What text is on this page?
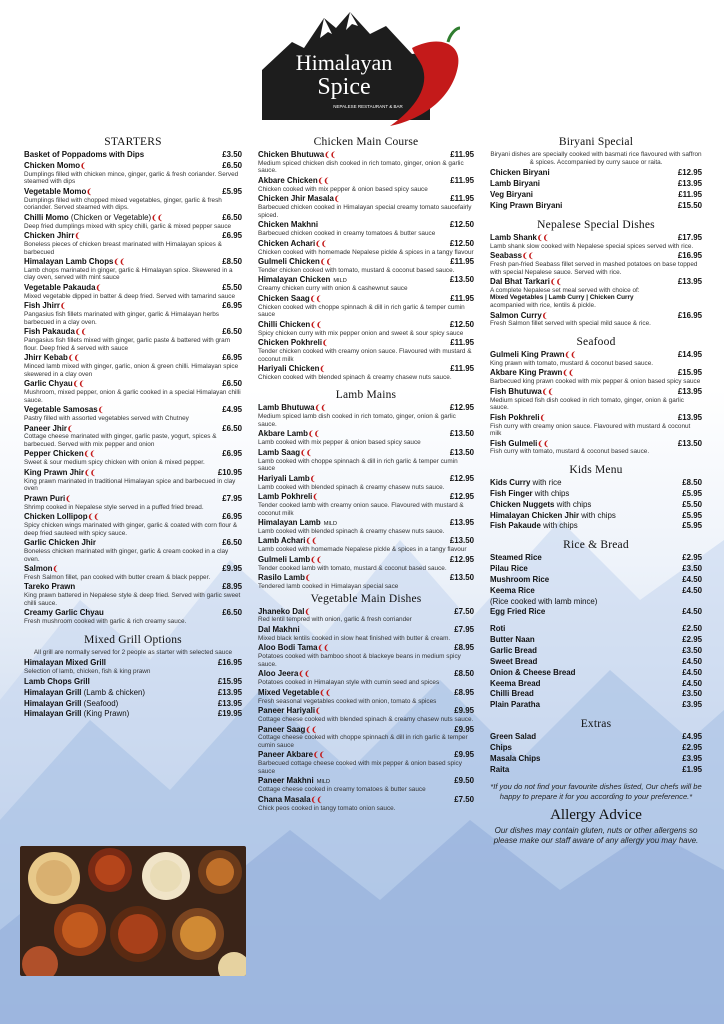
Himalayan
Spice
NEPALESE RESTAURANT & BAR
STARTERS
Basket of Poppadoms with Dips	£3.50
Chicken Momo❨	£6.50
Dumplings filled with chicken mince, ginger, garlic & fresh coriander. Served steamed with dips
Vegetable Momo❨	£5.95
Dumplings filled with chopped mixed vegetables, ginger, garlic & fresh coriander. Served steamed with dips.
Chilli Momo (Chicken or Vegetable)❨❨	£6.50
Deep fried dumplings mixed with spicy chilli, garlic & mixed pepper sauce
Chicken Jhirr❨	£6.95
Boneless pieces of chicken breast marinated with Himalayan spices & barbecued
Himalayan Lamb Chops❨❨	£8.50
Lamb chops marinated in ginger, garlic & Himalayan spice. Skewered in a clay oven, served with mint sauce
Vegetable Pakauda❨	£5.50
Mixed vegetable dipped in batter & deep fried. Served with tamarind sauce
Fish Jhirr❨	£6.95
Pangasius fish fillets marinated with ginger, garlic & Himalayan herbs barbecued in a clay oven.
Fish Pakauda❨❨	£6.50
Pangasius fish fillets mixed with ginger, garlic paste & battered with gram flour. Deep fried & served with sauce
Jhirr Kebab❨❨	£6.95
Minced lamb mixed with ginger, garlic, onion & green chilli. Himalayan spice skewered in a clay oven
Garlic Chyau❨❨	£6.50
Mushroom, mixed pepper, onion & garlic cooked in a special Himalayan chilli sauce.
Vegetable Samosas❨	£4.95
Pastry filled with assorted vegetables served with Chutney
Paneer Jhir❨	£6.50
Cottage cheese marinated with ginger, garlic paste, yogurt, spices & barbecued. Served with mix pepper and onion
Pepper Chicken❨❨	£6.95
Sweet & sour medium spicy chicken with onion & mixed pepper.
King Prawn Jhir❨❨	£10.95
King prawn marinated in traditional Himalayan spice and barbecued in clay oven
Prawn Puri❨	£7.95
Shrimp cooked in Nepalese style served in a puffed fried bread.
Chicken Lollipop❨❨	£6.95
Spicy chicken wings marinated with ginger, garlic & coated with corn flour & deep fried sauteed with spicy sauce.
Garlic Chicken Jhir	£6.50
Boneless chicken marinated with ginger, garlic & cream cooked in a clay oven.
Salmon❨	£9.95
Fresh Salmon fillet, pan cooked with butter cream & black pepper.
Tareko Prawn	£8.95
King prawn battered in Nepalese style & deep fried. Served with garlic sweet chilli sauce.
Creamy Garlic Chyau	£6.50
Fresh mushroom cooked with garlic & rich creamy sauce.
Mixed Grill Options
All grill are normally served for 2 people as starter with selected sauce
Himalayan Mixed Grill	£16.95
Selection of lamb, chicken, fish & king prawn
Lamb Chops Grill	£15.95
Himalayan Grill (Lamb & chicken)	£13.95
Himalayan Grill (Seafood)	£13.95
Himalayan Grill (King Prawn)	£19.95
Chicken Main Course
Chicken Bhutuwa❨❨	£11.95
Medium spiced chicken dish cooked in rich tomato, ginger, onion & garlic sauce.
Akbare Chicken❨❨	£11.95
Chicken cooked with mix pepper & onion based spicy sauce
Chicken Jhir Masala❨	£11.95
Barbecued chicken cooked in Himalayan special creamy tomato saucefairly spiced.
Chicken Makhni	£12.50
Barbecued chicken cooked in creamy tomatoes & butter sauce
Chicken Achari❨❨	£12.50
Chicken cooked with homemade Nepalese pickle & spices in a tangy flavour
Gulmeli Chicken❨❨	£11.95
Tender chicken cooked with tomato, mustard & coconut based sauce.
Himalayan Chicken MILD	£13.50
Creamy chicken curry with onion & cashewnut sauce
Chicken Saag❨❨	£11.95
Chicken cooked with choppe spinnach & dill in rich garlic & temper cumin sauce
Chilli Chicken❨❨	£12.50
Spicy chicken curry with mix pepper onion and sweet & sour spicy sauce
Chicken Pokhreli❨	£11.95
Tender chicken cooked with creamy onion sauce. Flavoured with mustard & coconut milk
Hariyali Chicken❨	£11.95
Chicken cooked with blended spinach & creamy chasew nuts sauce.
Lamb Mains
Lamb Bhutuwa❨❨	£12.95
Medium spiced lamb dish cooked in rich tomato, ginger, onion & garlic sauce.
Akbare Lamb❨❨	£13.50
Lamb cooked with mix pepper & onion based spicy sauce
Lamb Saag❨❨	£13.50
Lamb cooked with choppe spinnach & dill in rich garlic & temper cumin sauce
Hariyali Lamb❨	£12.95
Lamb cooked with blended spinach & creamy chasew nuts sauce.
Lamb Pokhreli❨	£12.95
Tender cooked lamb with creamy onion sauce. Flavoured with mustard & coconut milk
Himalayan Lamb MILD	£13.95
Lamb cooked with blended spinach & creamy chasew nuts sauce.
Lamb Achari❨❨	£13.50
Lamb cooked with homemade Nepalese pickle & spices in a tangy flavour
Gulmeli Lamb❨❨	£12.95
Tender cooked lamb with tomato, mustard & coconut based sauce.
Rasilo Lamb❨	£13.50
Tendered lamb cooked in Himalayan special sace
Vegetable Main Dishes
Jhaneko Dal❨	£7.50
Red lentil tempred with onion, garlic & fresh corriander
Dal Makhni	£7.95
Mixed black lentils cooked in slow heat finished with butter & cream.
Aloo Bodi Tama❨❨	£8.95
Potatoes cooked with bamboo shoot & blackeye beans in medium spicy sauce.
Aloo Jeera❨❨	£8.50
Potatoes cooked in Himalayan style with cumin seed and spices
Mixed Vegetable❨❨	£8.95
Fresh seasonal vegetables cooked with onion, tomato & spices
Paneer Hariyali❨	£9.95
Cottage cheese cooked with blended spinach & creamy chasew nuts sauce.
Paneer Saag❨❨	£9.95
Cottage cheese cooked with choppe spinnach & dill in rich garlic & temper cumin sauce
Paneer Akbare❨❨	£9.95
Barbecued cottage cheese cooked with mix pepper & onion based spicy sauce
Paneer Makhni MILD	£9.50
Cottage cheese cooked in creamy tomatoes & butter sauce
Chana Masala❨❨	£7.50
Chick peos cooked in tangy tomato onion sauce.
Biryani Special
Biryani dishes are specially cooked with basmati rice flavoured with saffron & spices. Accompanied by curry sauce or raita.
Chicken Biryani	£12.95
Lamb Biryani	£13.95
Veg Biryani	£11.95
King Prawn Biryani	£15.50
Nepalese Special Dishes
Lamb Shank❨❨	£17.95
Lamb shank slow cooked with Nepalese special spices served with rice.
Seabass❨❨	£16.95
Fresh pan-fried Seabass fillet served in mashed potatoes on base topped with special Nepalese sauce. Served with rice.
Dal Bhat Tarkari❨❨	£13.95
A complete Nepalese set meal served with choice of:
Mixed Vegetables | Lamb Curry | Chicken Curry
acompanied with rice, lentils & pickle.
Salmon Curry❨	£16.95
Fresh Salmon fillet served with special mild sauce & rice.
Seafood
Gulmeli King Prawn❨❨	£14.95
King prawn with tomato, mustard & coconut based sauce.
Akbare King Prawn❨❨	£15.95
Barbecued king prawn cooked with mix pepper & onion based spicy sauce
Fish Bhutuwa❨❨	£13.95
Medium spiced fish dish cooked in rich tomato, ginger, onion & garlic sauce.
Fish Pokhreli❨	£13.95
Fish curry with creamy onion sauce. Flavoured with mustard & coconut milk
Fish Gulmeli❨❨	£13.50
Fish curry with tomato, mustard & coconut based sauce.
Kids Menu
Kids Curry with rice	£8.50
Fish Finger with chips	£5.95
Chicken Nuggets with chips	£5.50
Himalayan Chicken Jhir with chips	£5.95
Fish Pakaude with chips	£5.95
Rice & Bread
Steamed Rice	£2.95
Pilau Rice	£3.50
Mushroom Rice	£4.50
Keema Rice	£4.50
(Rice cooked with lamb mince)
Egg Fried Rice	£4.50
Roti	£2.50
Butter Naan	£2.95
Garlic Bread	£3.50
Sweet Bread	£4.50
Onion & Cheese Bread	£4.50
Keema Bread	£4.50
Chilli Bread	£3.50
Plain Paratha	£3.95
Extras
Green Salad	£4.95
Chips	£2.95
Masala Chips	£3.95
Raita	£1.95
*If you do not find your favourite dishes listed, Our chefs will be happy to prepare it for you according to your preference.*
Allergy Advice
Our dishes may contain gluten, nuts or other allergens so please make our staff aware of any allergy you may have.
